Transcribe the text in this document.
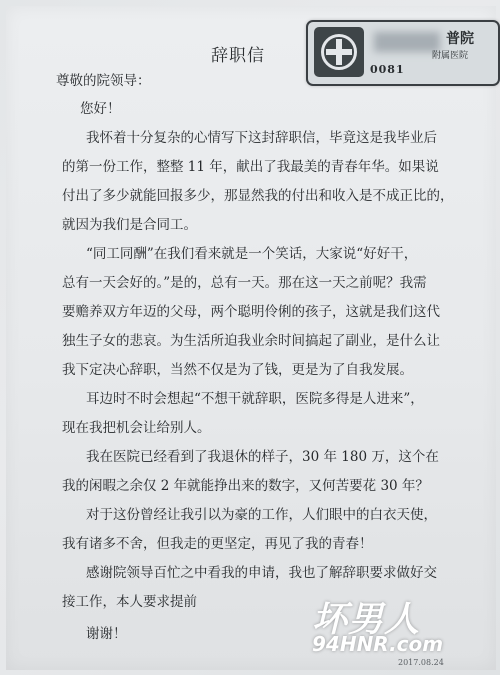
辞职信
普院
附属医院
0081
尊敬的院领导：
您好！
我怀着十分复杂的心情写下这封辞职信，毕竟这是我毕业后
的第一份工作，整整 11 年，献出了我最美的青春年华。如果说
付出了多少就能回报多少，那显然我的付出和收入是不成正比的，
就因为我们是合同工。
“同工同酬”在我们看来就是一个笑话，大家说“好好干，
总有一天会好的。”是的，总有一天。那在这一天之前呢？我需
要赡养双方年迈的父母，两个聪明伶俐的孩子，这就是我们这代
独生子女的悲哀。为生活所迫我业余时间搞起了副业，是什么让
我下定决心辞职，当然不仅是为了钱，更是为了自我发展。
耳边时不时会想起“不想干就辞职，医院多得是人进来”，
现在我把机会让给别人。
我在医院已经看到了我退休的样子，30 年 180 万，这个在
我的闲暇之余仅 2 年就能挣出来的数字，又何苦要花 30 年？
对于这份曾经让我引以为豪的工作，人们眼中的白衣天使，
我有诸多不舍，但我走的更坚定，再见了我的青春！
感谢院领导百忙之中看我的申请，我也了解辞职要求做好交
接工作，本人要求提前
谢谢！
2017.08.24
坏男人
94HNR.com
